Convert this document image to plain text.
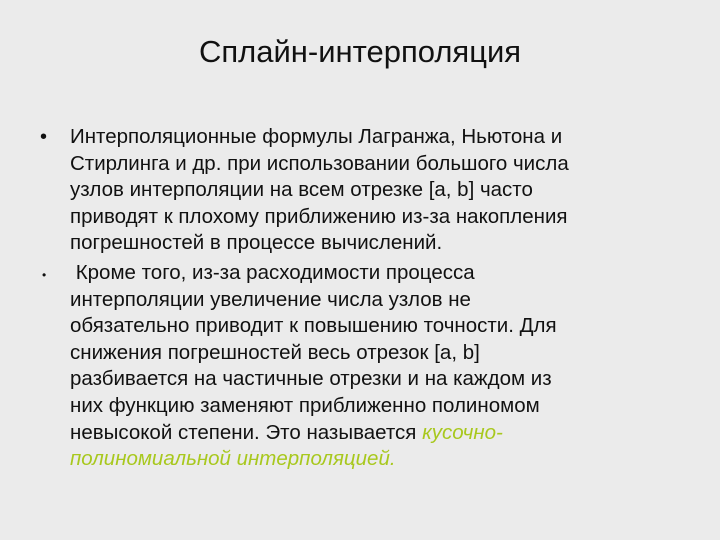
Сплайн-интерполяция
• Интерполяционные формулы Лагранжа, Ньютона и
Стирлинга и др. при использовании большого числа
узлов интерполяции на всем отрезке [a, b] часто
приводят к плохому приближению из-за накопления
погрешностей в процессе вычислений.
• Кроме того, из-за расходимости процесса
интерполяции увеличение числа узлов не
обязательно приводит к повышению точности. Для
снижения погрешностей весь отрезок [a, b]
разбивается на частичные отрезки и на каждом из
них функцию заменяют приближенно полиномом
невысокой степени. Это называется кусочно-
полиномиальной интерполяцией.
